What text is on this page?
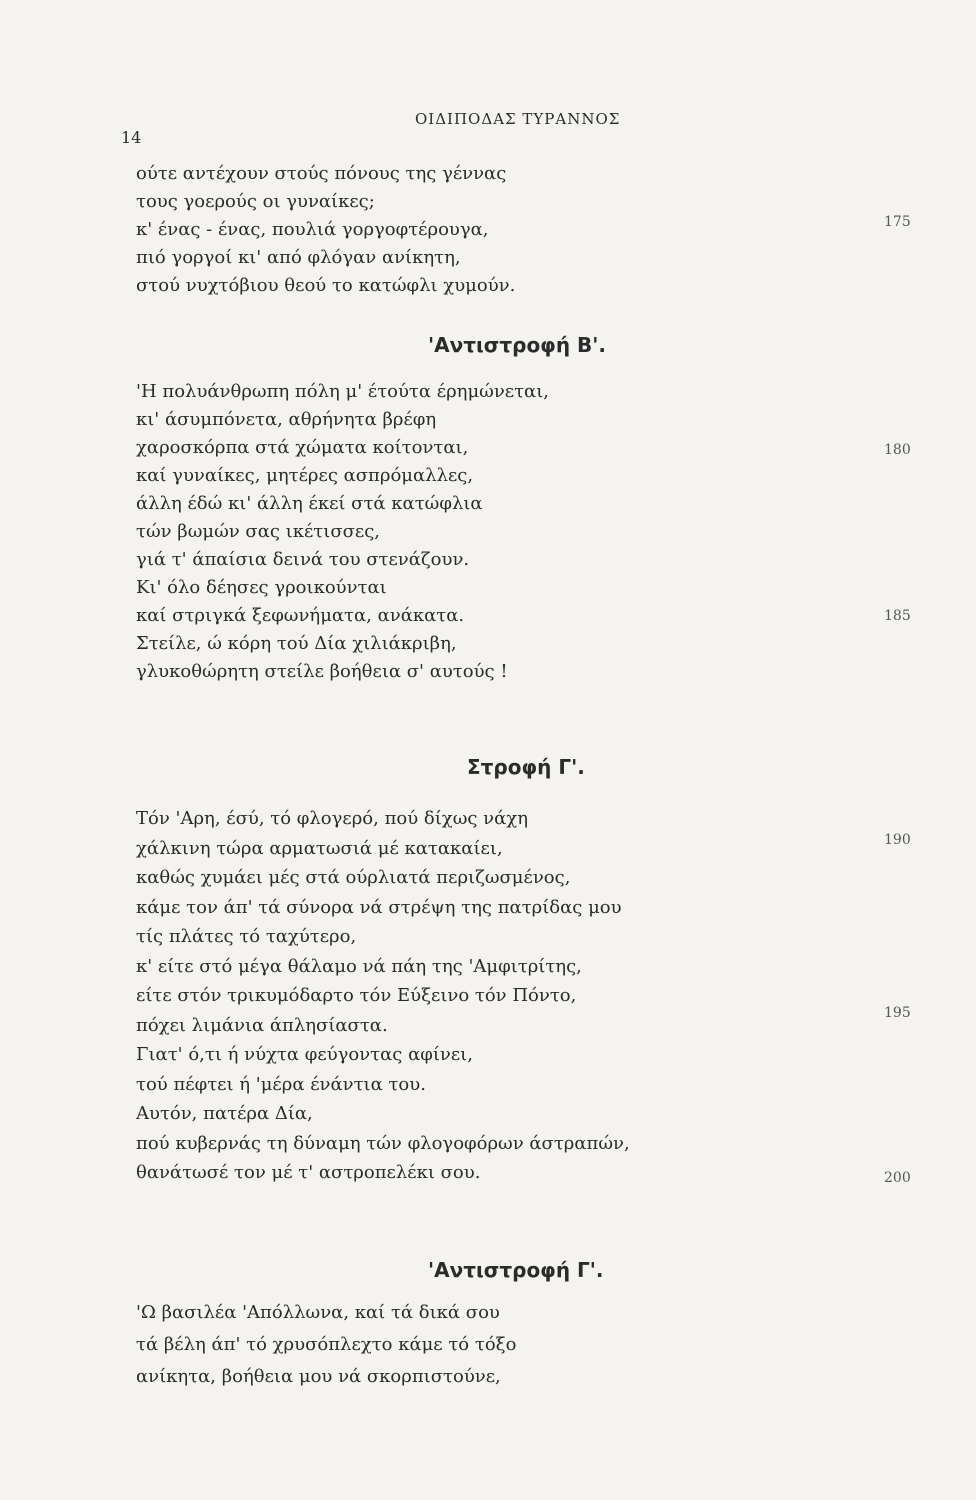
14
ΟΙΔΙΠΟΔΑΣ ΤΥΡΑΝΝΟΣ
ούτε αντέχουν στούς πόνους της γέννας
τους γοερούς οι γυναίκες;
κ' ένας - ένας, πουλιά γοργοφτέρουγα,
πιό γοργοί κι' από φλόγαν ανίκητη,
στού νυχτόβιου θεού το κατώφλι χυμούν.
'Αντιστροφή Β'.
'Η πολυάνθρωπη πόλη μ' έτούτα έρημώνεται,
κι' άσυμπόνετα, αθρήνητα βρέφη
χαροσκόρπα στά χώματα κοίτονται,
καί γυναίκες, μητέρες ασπρόμαλλες,
άλλη έδώ κι' άλλη έκεί στά κατώφλια
τών βωμών σας ικέτισσες,
γιά τ' άπαίσια δεινά του στενάζουν.
Κι' όλο δέησες γροικούνται
καί στριγκά ξεφωνήματα, ανάκατα.
Στείλε, ώ κόρη τού Δία χιλιάκριβη,
γλυκοθώρητη στείλε βοήθεια σ' αυτούς !
Στροφή Γ'.
Τόν 'Αρη, έσύ, τό φλογερό, πού δίχως νάχη
χάλκινη τώρα αρματωσιά μέ κατακαίει,
καθώς χυμάει μές στά ούρλιατά περιζωσμένος,
κάμε τον άπ' τά σύνορα νά στρέψη της πατρίδας μου
τίς πλάτες τό ταχύτερο,
κ' είτε στό μέγα θάλαμο νά πάη της 'Αμφιτρίτης,
είτε στόν τρικυμόδαρτο τόν Εύξεινο τόν Πόντο,
πόχει λιμάνια άπλησίαστα.
Γιατ' ό,τι ή νύχτα φεύγοντας αφίνει,
τού πέφτει ή 'μέρα ένάντια του.
Αυτόν, πατέρα Δία,
πού κυβερνάς τη δύναμη τών φλογοφόρων άστραπών,
θανάτωσέ τον μέ τ' αστροπελέκι σου.
'Αντιστροφή Γ'.
'Ω βασιλέα 'Απόλλωνα, καί τά δικά σου
τά βέλη άπ' τό χρυσόπλεχτο κάμε τό τόξο
ανίκητα, βοήθεια μου νά σκορπιστούνε,
175
180
185
190
195
200
